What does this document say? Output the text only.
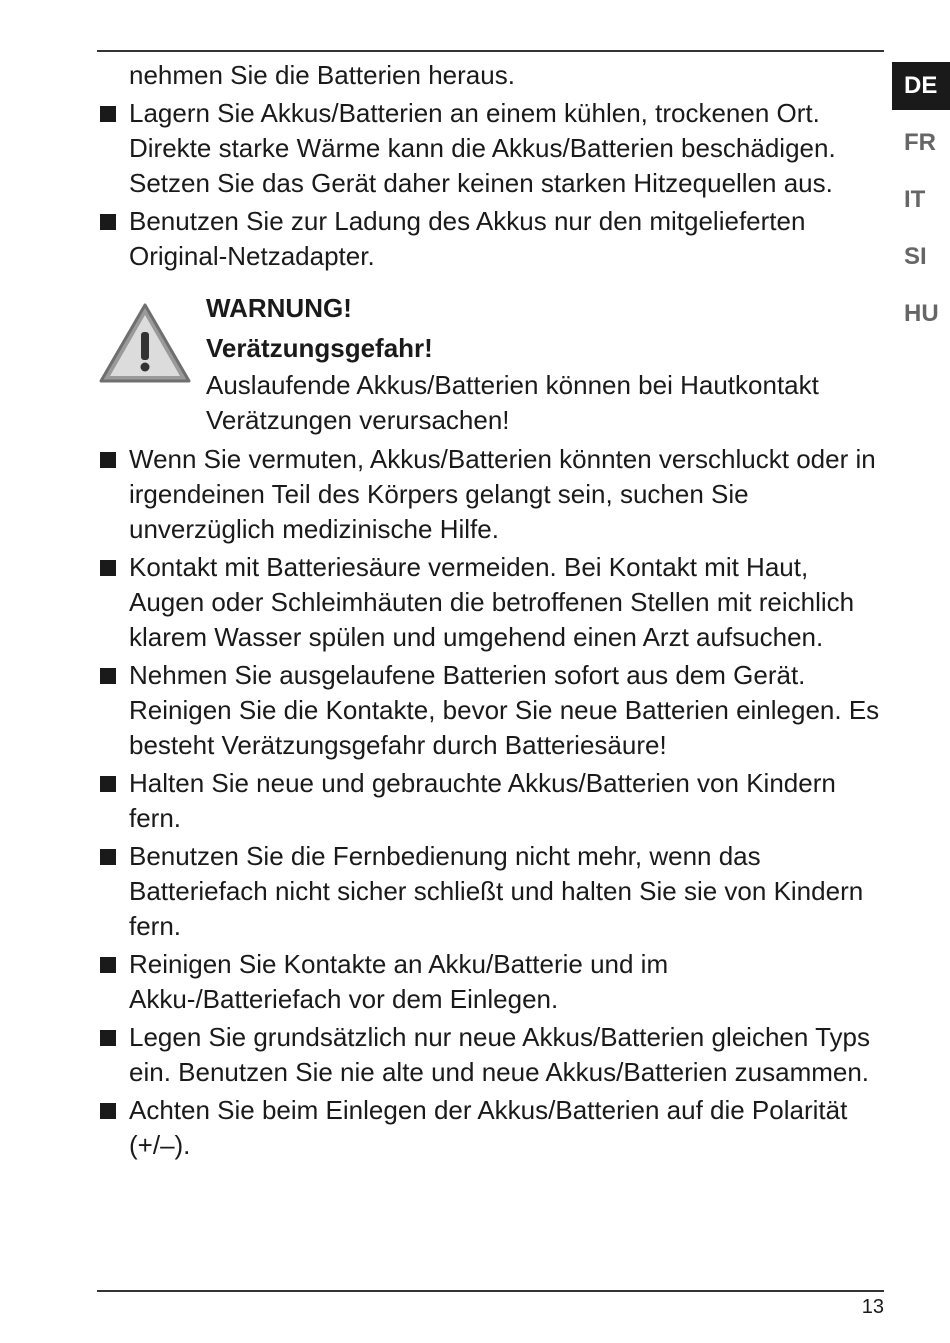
DE
FR
IT
SI
HU
nehmen Sie die Batterien heraus.
Lagern Sie Akkus/Batterien an einem kühlen, trockenen Ort. Direkte starke Wärme kann die Akkus/Batterien beschädigen. Setzen Sie das Gerät daher keinen starken Hitzequellen aus.
Benutzen Sie zur Ladung des Akkus nur den mitgelieferten Original-Netzadapter.
WARNUNG!
Verätzungsgefahr!
Auslaufende Akkus/Batterien können bei Hautkontakt Verätzungen verursachen!
Wenn Sie vermuten, Akkus/Batterien könnten verschluckt oder in irgendeinen Teil des Körpers gelangt sein, suchen Sie unverzüglich medizinische Hilfe.
Kontakt mit Batteriesäure vermeiden. Bei Kontakt mit Haut, Augen oder Schleimhäuten die betroffenen Stellen mit reichlich klarem Wasser spülen und umgehend einen Arzt aufsuchen.
Nehmen Sie ausgelaufene Batterien sofort aus dem Gerät. Reinigen Sie die Kontakte, bevor Sie neue Batterien einlegen. Es besteht Verätzungsgefahr durch Batteriesäure!
Halten Sie neue und gebrauchte Akkus/Batterien von Kindern fern.
Benutzen Sie die Fernbedienung nicht mehr, wenn das Batteriefach nicht sicher schließt und halten Sie sie von Kindern fern.
Reinigen Sie Kontakte an Akku/Batterie und im Akku-/Batteriefach vor dem Einlegen.
Legen Sie grundsätzlich nur neue Akkus/Batterien gleichen Typs ein. Benutzen Sie nie alte und neue Akkus/Batterien zusammen.
Achten Sie beim Einlegen der Akkus/Batterien auf die Polarität (+/–).
13
